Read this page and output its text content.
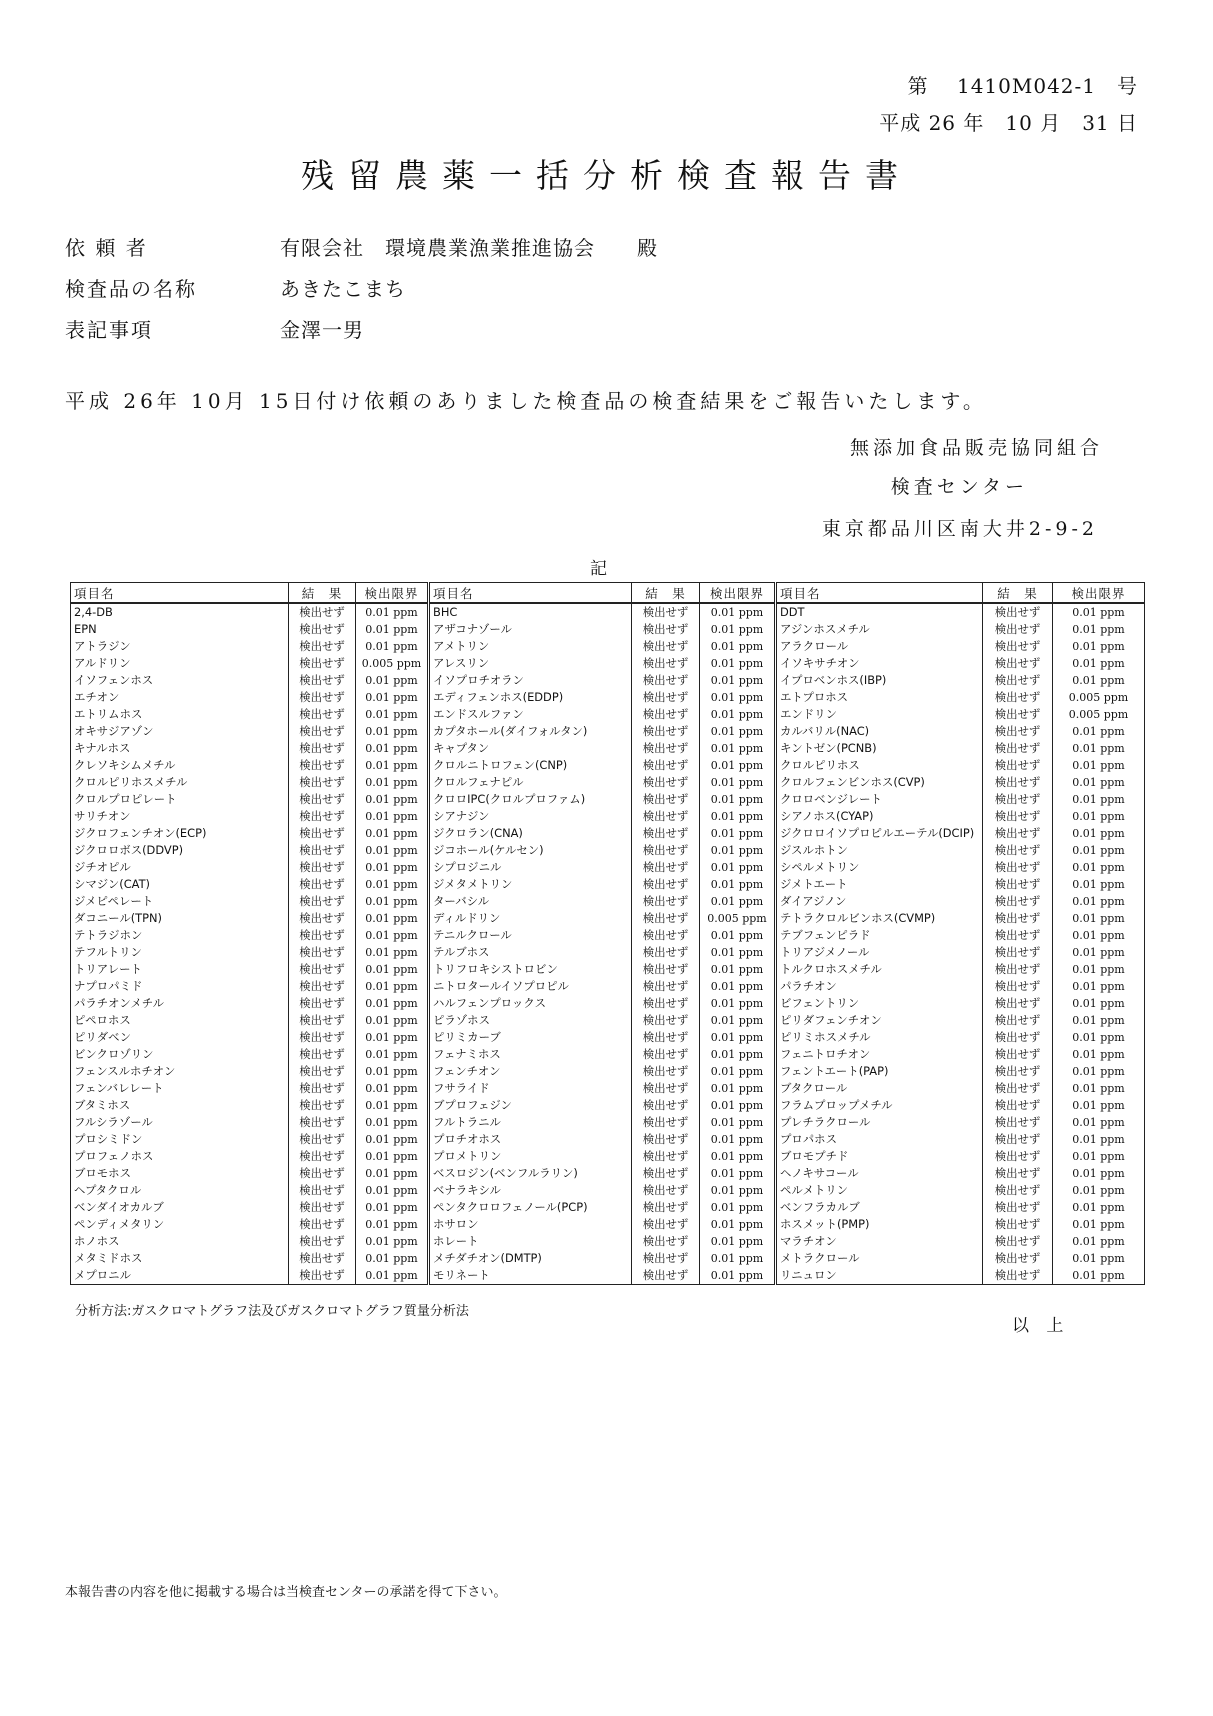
第　 1410M042-1　号
平成 26 年　10 月　31 日
残留農薬一括分析検査報告書
依 頼 者	有限会社　環境農業漁業推進協会　　殿
検査品の名称	あきたこまち
表記事項	金澤一男
平成 26年 10月 15日付け依頼のありました検査品の検査結果をご報告いたします。
無添加食品販売協同組合
検査センター
東京都品川区南大井2-9-2
記
項目名	結　果	検出限界	項目名	結　果	検出限界	項目名	結　果	検出限界
2,4-DB	検出せず	0.01 ppm	BHC	検出せず	0.01 ppm	DDT	検出せず	0.01 ppm
EPN	検出せず	0.01 ppm	アザコナゾール	検出せず	0.01 ppm	アジンホスメチル	検出せず	0.01 ppm
アトラジン	検出せず	0.01 ppm	アメトリン	検出せず	0.01 ppm	アラクロール	検出せず	0.01 ppm
アルドリン	検出せず	0.005 ppm	アレスリン	検出せず	0.01 ppm	イソキサチオン	検出せず	0.01 ppm
イソフェンホス	検出せず	0.01 ppm	イソプロチオラン	検出せず	0.01 ppm	イプロベンホス(IBP)	検出せず	0.01 ppm
エチオン	検出せず	0.01 ppm	エディフェンホス(EDDP)	検出せず	0.01 ppm	エトプロホス	検出せず	0.005 ppm
エトリムホス	検出せず	0.01 ppm	エンドスルファン	検出せず	0.01 ppm	エンドリン	検出せず	0.005 ppm
オキサジアゾン	検出せず	0.01 ppm	カプタホール(ダイフォルタン)	検出せず	0.01 ppm	カルバリル(NAC)	検出せず	0.01 ppm
キナルホス	検出せず	0.01 ppm	キャプタン	検出せず	0.01 ppm	キントゼン(PCNB)	検出せず	0.01 ppm
クレソキシムメチル	検出せず	0.01 ppm	クロルニトロフェン(CNP)	検出せず	0.01 ppm	クロルピリホス	検出せず	0.01 ppm
クロルピリホスメチル	検出せず	0.01 ppm	クロルフェナピル	検出せず	0.01 ppm	クロルフェンビンホス(CVP)	検出せず	0.01 ppm
クロルプロピレート	検出せず	0.01 ppm	クロロIPC(クロルプロファム)	検出せず	0.01 ppm	クロロベンジレート	検出せず	0.01 ppm
サリチオン	検出せず	0.01 ppm	シアナジン	検出せず	0.01 ppm	シアノホス(CYAP)	検出せず	0.01 ppm
ジクロフェンチオン(ECP)	検出せず	0.01 ppm	ジクロラン(CNA)	検出せず	0.01 ppm	ジクロロイソプロピルエーテル(DCIP)	検出せず	0.01 ppm
ジクロロボス(DDVP)	検出せず	0.01 ppm	ジコホール(ケルセン)	検出せず	0.01 ppm	ジスルホトン	検出せず	0.01 ppm
ジチオピル	検出せず	0.01 ppm	シプロジニル	検出せず	0.01 ppm	シペルメトリン	検出せず	0.01 ppm
シマジン(CAT)	検出せず	0.01 ppm	ジメタメトリン	検出せず	0.01 ppm	ジメトエート	検出せず	0.01 ppm
ジメピペレート	検出せず	0.01 ppm	ターバシル	検出せず	0.01 ppm	ダイアジノン	検出せず	0.01 ppm
ダコニール(TPN)	検出せず	0.01 ppm	ディルドリン	検出せず	0.005 ppm	テトラクロルビンホス(CVMP)	検出せず	0.01 ppm
テトラジホン	検出せず	0.01 ppm	テニルクロール	検出せず	0.01 ppm	テブフェンピラド	検出せず	0.01 ppm
テフルトリン	検出せず	0.01 ppm	テルブホス	検出せず	0.01 ppm	トリアジメノール	検出せず	0.01 ppm
トリアレート	検出せず	0.01 ppm	トリフロキシストロビン	検出せず	0.01 ppm	トルクロホスメチル	検出せず	0.01 ppm
ナプロパミド	検出せず	0.01 ppm	ニトロタールイソプロピル	検出せず	0.01 ppm	パラチオン	検出せず	0.01 ppm
パラチオンメチル	検出せず	0.01 ppm	ハルフェンプロックス	検出せず	0.01 ppm	ビフェントリン	検出せず	0.01 ppm
ピペロホス	検出せず	0.01 ppm	ピラゾホス	検出せず	0.01 ppm	ピリダフェンチオン	検出せず	0.01 ppm
ピリダベン	検出せず	0.01 ppm	ピリミカーブ	検出せず	0.01 ppm	ピリミホスメチル	検出せず	0.01 ppm
ビンクロゾリン	検出せず	0.01 ppm	フェナミホス	検出せず	0.01 ppm	フェニトロチオン	検出せず	0.01 ppm
フェンスルホチオン	検出せず	0.01 ppm	フェンチオン	検出せず	0.01 ppm	フェントエート(PAP)	検出せず	0.01 ppm
フェンバレレート	検出せず	0.01 ppm	フサライド	検出せず	0.01 ppm	ブタクロール	検出せず	0.01 ppm
ブタミホス	検出せず	0.01 ppm	ブプロフェジン	検出せず	0.01 ppm	フラムプロップメチル	検出せず	0.01 ppm
フルシラゾール	検出せず	0.01 ppm	フルトラニル	検出せず	0.01 ppm	プレチラクロール	検出せず	0.01 ppm
プロシミドン	検出せず	0.01 ppm	プロチオホス	検出せず	0.01 ppm	プロパホス	検出せず	0.01 ppm
プロフェノホス	検出せず	0.01 ppm	プロメトリン	検出せず	0.01 ppm	ブロモプチド	検出せず	0.01 ppm
ブロモホス	検出せず	0.01 ppm	ベスロジン(ベンフルラリン)	検出せず	0.01 ppm	ヘノキサコール	検出せず	0.01 ppm
ヘプタクロル	検出せず	0.01 ppm	ベナラキシル	検出せず	0.01 ppm	ペルメトリン	検出せず	0.01 ppm
ベンダイオカルブ	検出せず	0.01 ppm	ペンタクロロフェノール(PCP)	検出せず	0.01 ppm	ベンフラカルブ	検出せず	0.01 ppm
ペンディメタリン	検出せず	0.01 ppm	ホサロン	検出せず	0.01 ppm	ホスメット(PMP)	検出せず	0.01 ppm
ホノホス	検出せず	0.01 ppm	ホレート	検出せず	0.01 ppm	マラチオン	検出せず	0.01 ppm
メタミドホス	検出せず	0.01 ppm	メチダチオン(DMTP)	検出せず	0.01 ppm	メトラクロール	検出せず	0.01 ppm
メプロニル	検出せず	0.01 ppm	モリネート	検出せず	0.01 ppm	リニュロン	検出せず	0.01 ppm
分析方法:ガスクロマトグラフ法及びガスクロマトグラフ質量分析法
以 上
本報告書の内容を他に掲載する場合は当検査センターの承諾を得て下さい。
